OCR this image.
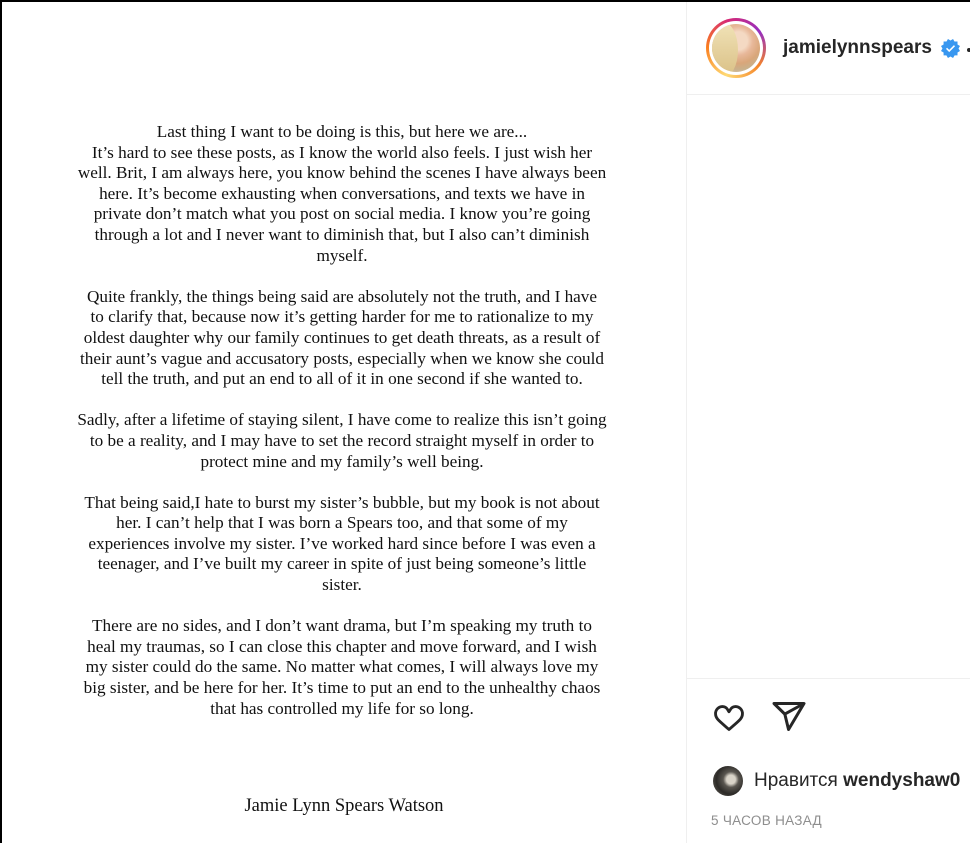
Last thing I want to be doing is this, but here we are...
It’s hard to see these posts, as I know the world also feels. I just wish her
well. Brit, I am always here, you know behind the scenes I have always been
here. It’s become exhausting when conversations, and texts we have in
private don’t match what you post on social media. I know you’re going
through a lot and I never want to diminish that, but I also can’t diminish
myself.

Quite frankly, the things being said are absolutely not the truth, and I have
to clarify that, because now it’s getting harder for me to rationalize to my
oldest daughter why our family continues to get death threats, as a result of
their aunt’s vague and accusatory posts, especially when we know she could
tell the truth, and put an end to all of it in one second if she wanted to.

Sadly, after a lifetime of staying silent, I have come to realize this isn’t going
to be a reality, and I may have to set the record straight myself in order to
protect mine and my family’s well being.

That being said,I hate to burst my sister’s bubble, but my book is not about
her. I can’t help that I was born a Spears too, and that some of my
experiences involve my sister. I’ve worked hard since before I was even a
teenager, and I’ve built my career in spite of just being someone’s little
sister.

There are no sides, and I don’t want drama, but I’m speaking my truth to
heal my traumas, so I can close this chapter and move forward, and I wish
my sister could do the same. No matter what comes, I will always love my
big sister, and be here for her. It’s time to put an end to the unhealthy chaos
that has controlled my life for so long.

Jamie Lynn Spears Watson
jamielynnspears
Нравится wendyshaw0
5 ЧАСОВ НАЗАД
